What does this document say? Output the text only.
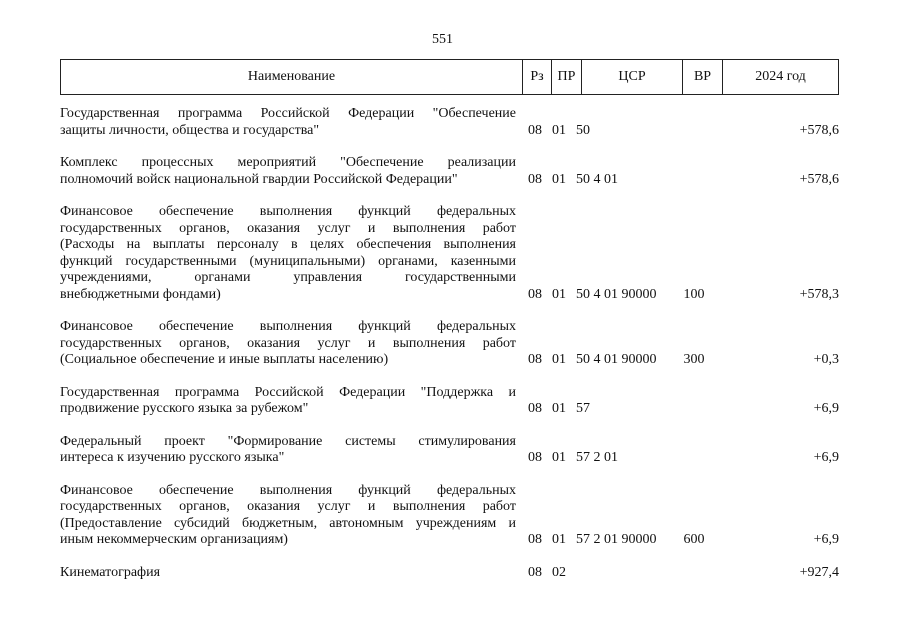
551
Наименование	Рз ПР	ЦСР	ВР	2024 год
Государственная программа Российской Федерации "Обеспечение
защиты личности, общества и государства"	08 01 50	+578,6
Комплекс процессных мероприятий "Обеспечение реализации
полномочий войск национальной гвардии Российской Федерации"	08 01 50 4 01	+578,6
Финансовое обеспечение выполнения функций федеральных
государственных органов, оказания услуг и выполнения работ
(Расходы на выплаты персоналу в целях обеспечения выполнения
функций государственными (муниципальными) органами, казенными
учреждениями, органами управления государственными
внебюджетными фондами)	08 01 50 4 01 90000	100	+578,3
Финансовое обеспечение выполнения функций федеральных
государственных органов, оказания услуг и выполнения работ
(Социальное обеспечение и иные выплаты населению)	08 01 50 4 01 90000	300	+0,3
Государственная программа Российской Федерации "Поддержка и
продвижение русского языка за рубежом"	08 01 57	+6,9
Федеральный проект "Формирование системы стимулирования
интереса к изучению русского языка"	08 01 57 2 01	+6,9
Финансовое обеспечение выполнения функций федеральных
государственных органов, оказания услуг и выполнения работ
(Предоставление субсидий бюджетным, автономным учреждениям и
иным некоммерческим организациям)	08 01 57 2 01 90000	600	+6,9
Кинематография	08 02	+927,4
